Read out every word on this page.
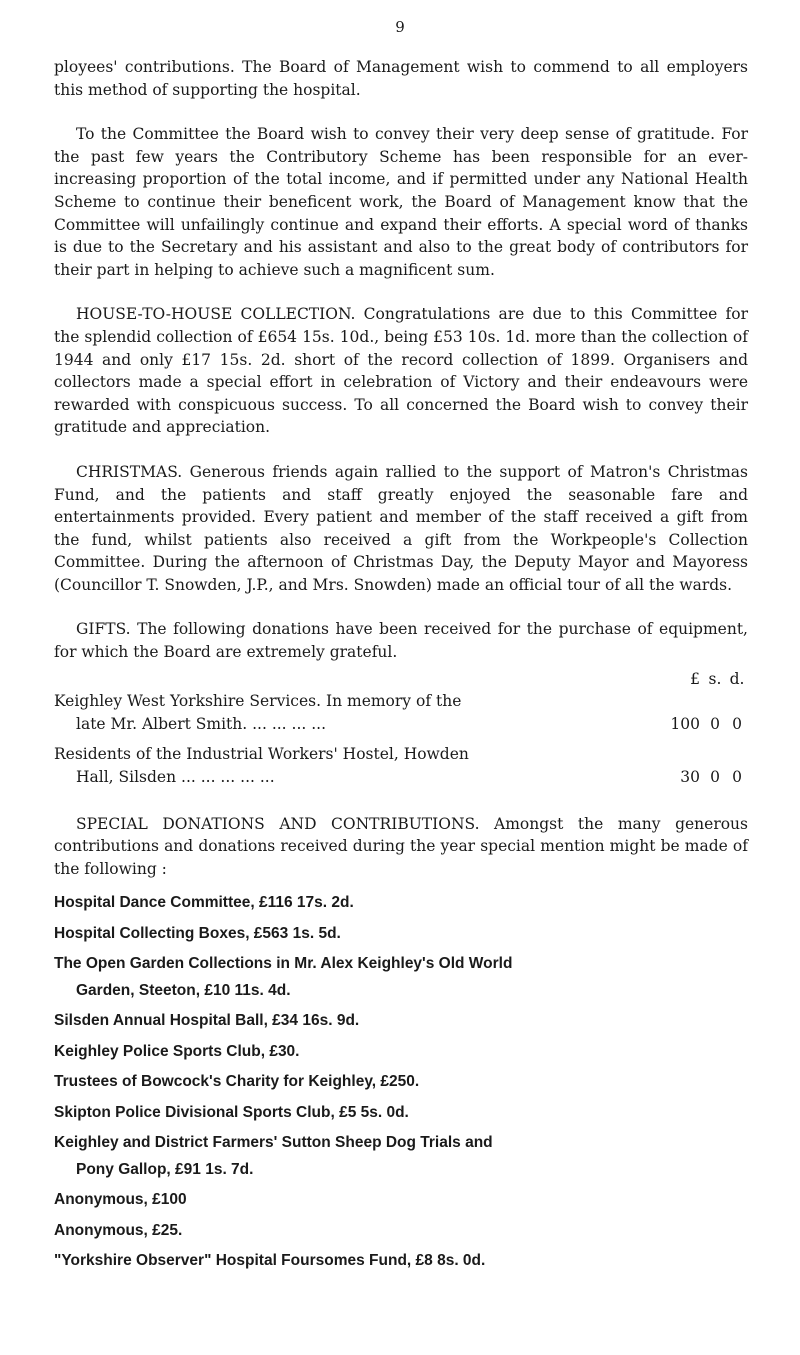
9

ployees' contributions. The Board of Management wish to commend to all employers this method of supporting the hospital.

To the Committee the Board wish to convey their very deep sense of gratitude. For the past few years the Contributory Scheme has been responsible for an ever-increasing proportion of the total income, and if permitted under any National Health Scheme to continue their beneficent work, the Board of Management know that the Committee will unfailingly continue and expand their efforts. A special word of thanks is due to the Secretary and his assistant and also to the great body of contributors for their part in helping to achieve such a magnificent sum.

HOUSE-TO-HOUSE COLLECTION. Congratulations are due to this Committee for the splendid collection of £654 15s. 10d., being £53 10s. 1d. more than the collection of 1944 and only £17 15s. 2d. short of the record collection of 1899. Organisers and collectors made a special effort in celebration of Victory and their endeavours were rewarded with conspicuous success. To all concerned the Board wish to convey their gratitude and appreciation.

CHRISTMAS. Generous friends again rallied to the support of Matron's Christmas Fund, and the patients and staff greatly enjoyed the seasonable fare and entertainments provided. Every patient and member of the staff received a gift from the fund, whilst patients also received a gift from the Workpeople's Collection Committee. During the afternoon of Christmas Day, the Deputy Mayor and Mayoress (Councillor T. Snowden, J.P., and Mrs. Snowden) made an official tour of all the wards.

GIFTS. The following donations have been received for the purchase of equipment, for which the Board are extremely grateful.

£ s. d.
Keighley West Yorkshire Services. In memory of the
late Mr. Albert Smith. ... ... ... ...	100 0 0
Residents of the Industrial Workers' Hostel, Howden
Hall, Silsden ... ... ... ... ...	30 0 0

SPECIAL DONATIONS AND CONTRIBUTIONS. Amongst the many generous contributions and donations received during the year special mention might be made of the following :

Hospital Dance Committee, £116 17s. 2d.
Hospital Collecting Boxes, £563 1s. 5d.
The Open Garden Collections in Mr. Alex Keighley's Old World
Garden, Steeton, £10 11s. 4d.
Silsden Annual Hospital Ball, £34 16s. 9d.
Keighley Police Sports Club, £30.
Trustees of Bowcock's Charity for Keighley, £250.
Skipton Police Divisional Sports Club, £5 5s. 0d.
Keighley and District Farmers' Sutton Sheep Dog Trials and
Pony Gallop, £91 1s. 7d.
Anonymous, £100
Anonymous, £25.
"Yorkshire Observer" Hospital Foursomes Fund, £8 8s. 0d.
